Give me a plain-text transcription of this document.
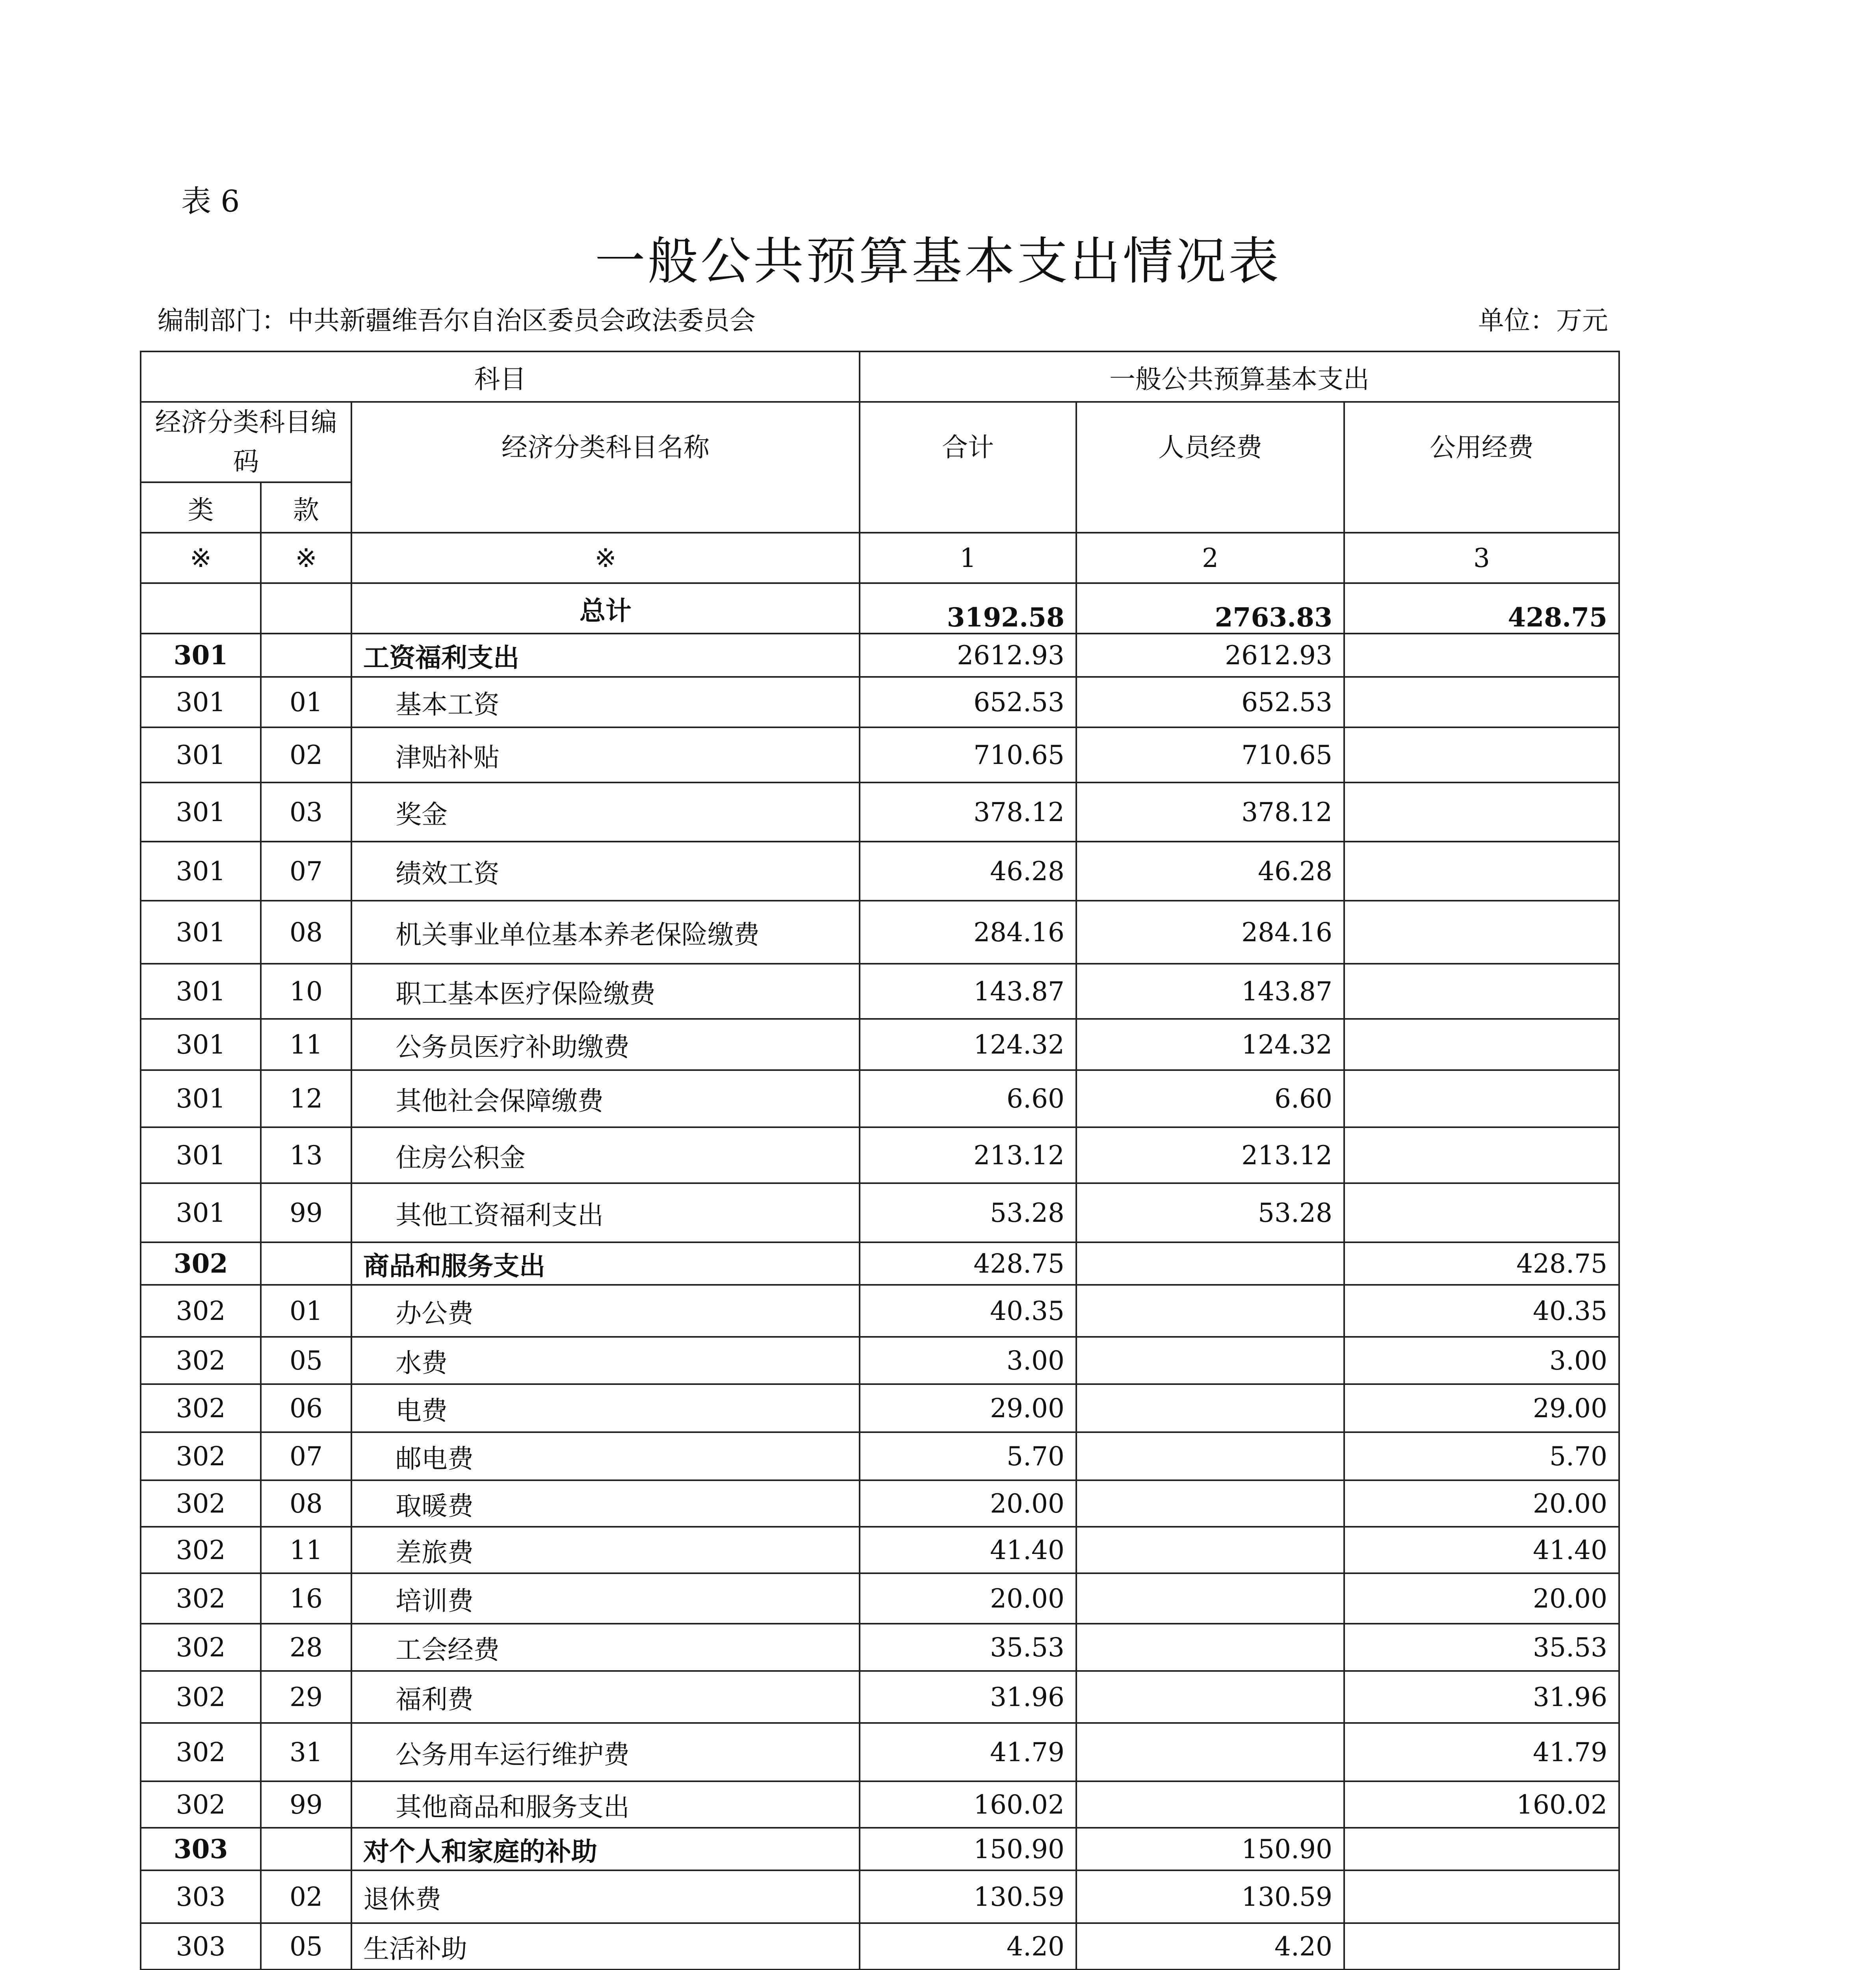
表 6
一般公共预算基本支出情况表
编制部门：中共新疆维吾尔自治区委员会政法委员会	单位：万元
科目			一般公共预算基本支出		
经济分类科目编码		经济分类科目名称	合计	人员经费	公用经费
类	款				
※	※	※	1	2	3
		总计	3192.58	2763.83	428.75
301		工资福利支出	2612.93	2612.93	
301	01	基本工资	652.53	652.53	
301	02	津贴补贴	710.65	710.65	
301	03	奖金	378.12	378.12	
301	07	绩效工资	46.28	46.28	
301	08	机关事业单位基本养老保险缴费	284.16	284.16	
301	10	职工基本医疗保险缴费	143.87	143.87	
301	11	公务员医疗补助缴费	124.32	124.32	
301	12	其他社会保障缴费	6.60	6.60	
301	13	住房公积金	213.12	213.12	
301	99	其他工资福利支出	53.28	53.28	
302		商品和服务支出	428.75		428.75
302	01	办公费	40.35		40.35
302	05	水费	3.00		3.00
302	06	电费	29.00		29.00
302	07	邮电费	5.70		5.70
302	08	取暖费	20.00		20.00
302	11	差旅费	41.40		41.40
302	16	培训费	20.00		20.00
302	28	工会经费	35.53		35.53
302	29	福利费	31.96		31.96
302	31	公务用车运行维护费	41.79		41.79
302	99	其他商品和服务支出	160.02		160.02
303		对个人和家庭的补助	150.90	150.90	
303	02	退休费	130.59	130.59	
303	05	生活补助	4.20	4.20	
